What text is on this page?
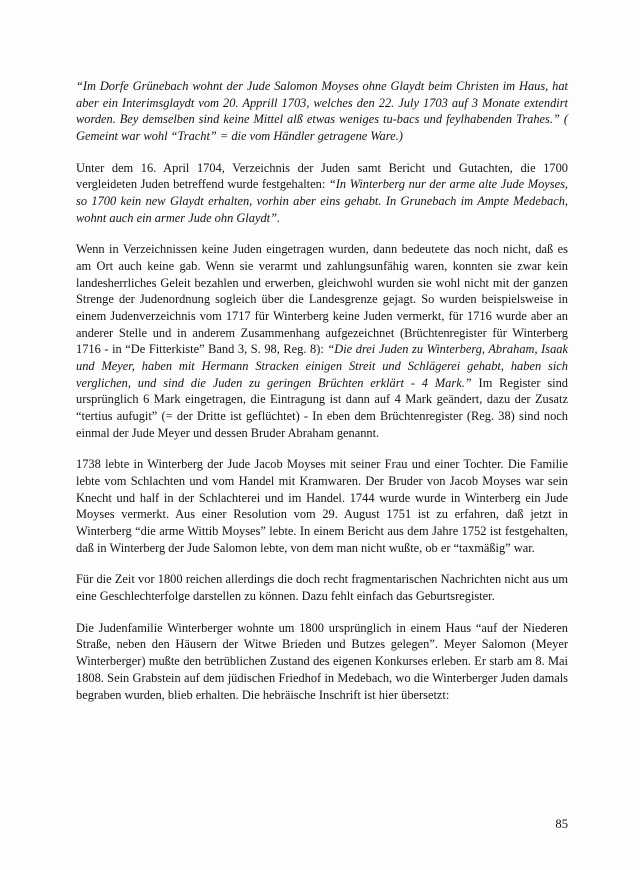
“Im Dorfe Grünebach wohnt der Jude Salomon Moyses ohne Glaydt beim Christen im Haus, hat aber ein Interimsglaydt vom 20. Apprill 1703, welches den 22. July 1703 auf 3 Monate extendirt worden. Bey demselben sind keine Mittel alß etwas weniges tu-bacs und feylhabenden Trahes.” ( Gemeint war wohl “Tracht” = die vom Händler getragene Ware.)

Unter dem 16. April 1704, Verzeichnis der Juden samt Bericht und Gutachten, die 1700 vergleideten Juden betreffend wurde festgehalten: “In Winterberg nur der arme alte Jude Moyses, so 1700 kein new Glaydt erhalten, vorhin aber eins gehabt. In Grunebach im Ampte Medebach, wohnt auch ein armer Jude ohn Glaydt”.

Wenn in Verzeichnissen keine Juden eingetragen wurden, dann bedeutete das noch nicht, daß es am Ort auch keine gab. Wenn sie verarmt und zahlungsunfähig waren, konnten sie zwar kein landesherrliches Geleit bezahlen und erwerben, gleichwohl wurden sie wohl nicht mit der ganzen Strenge der Judenordnung sogleich über die Landesgrenze gejagt. So wurden beispielsweise in einem Judenverzeichnis vom 1717 für Winterberg keine Juden vermerkt, für 1716 wurde aber an anderer Stelle und in anderem Zusammenhang aufgezeichnet (Brüchtenregister für Winterberg 1716 - in “De Fitterkiste” Band 3, S. 98, Reg. 8): “Die drei Juden zu Winterberg, Abraham, Isaak und Meyer, haben mit Hermann Stracken einigen Streit und Schlägerei gehabt, haben sich verglichen, und sind die Juden zu geringen Brüchten erklärt - 4 Mark.” Im Register sind ursprünglich 6 Mark eingetragen, die Eintragung ist dann auf 4 Mark geändert, dazu der Zusatz “tertius aufugit” (= der Dritte ist geflüchtet) - In eben dem Brüchtenregister (Reg. 38) sind noch einmal der Jude Meyer und dessen Bruder Abraham genannt.

1738 lebte in Winterberg der Jude Jacob Moyses mit seiner Frau und einer Tochter. Die Familie lebte vom Schlachten und vom Handel mit Kramwaren. Der Bruder von Jacob Moyses war sein Knecht und half in der Schlachterei und im Handel. 1744 wurde wurde in Winterberg ein Jude Moyses vermerkt. Aus einer Resolution vom 29. August 1751 ist zu erfahren, daß jetzt in Winterberg “die arme Wittib Moyses” lebte. In einem Bericht aus dem Jahre 1752 ist festgehalten, daß in Winterberg der Jude Salomon lebte, von dem man nicht wußte, ob er “taxmäßig” war.

Für die Zeit vor 1800 reichen allerdings die doch recht fragmentarischen Nachrichten nicht aus um eine Geschlechterfolge darstellen zu können. Dazu fehlt einfach das Geburtsregister.

Die Judenfamilie Winterberger wohnte um 1800 ursprünglich in einem Haus “auf der Niederen Straße, neben den Häusern der Witwe Brieden und Butzes gelegen”. Meyer Salomon (Meyer Winterberger) mußte den betrüblichen Zustand des eigenen Konkurses erleben. Er starb am 8. Mai 1808. Sein Grabstein auf dem jüdischen Friedhof in Medebach, wo die Winterberger Juden damals begraben wurden, blieb erhalten. Die hebräische Inschrift ist hier übersetzt:

85
